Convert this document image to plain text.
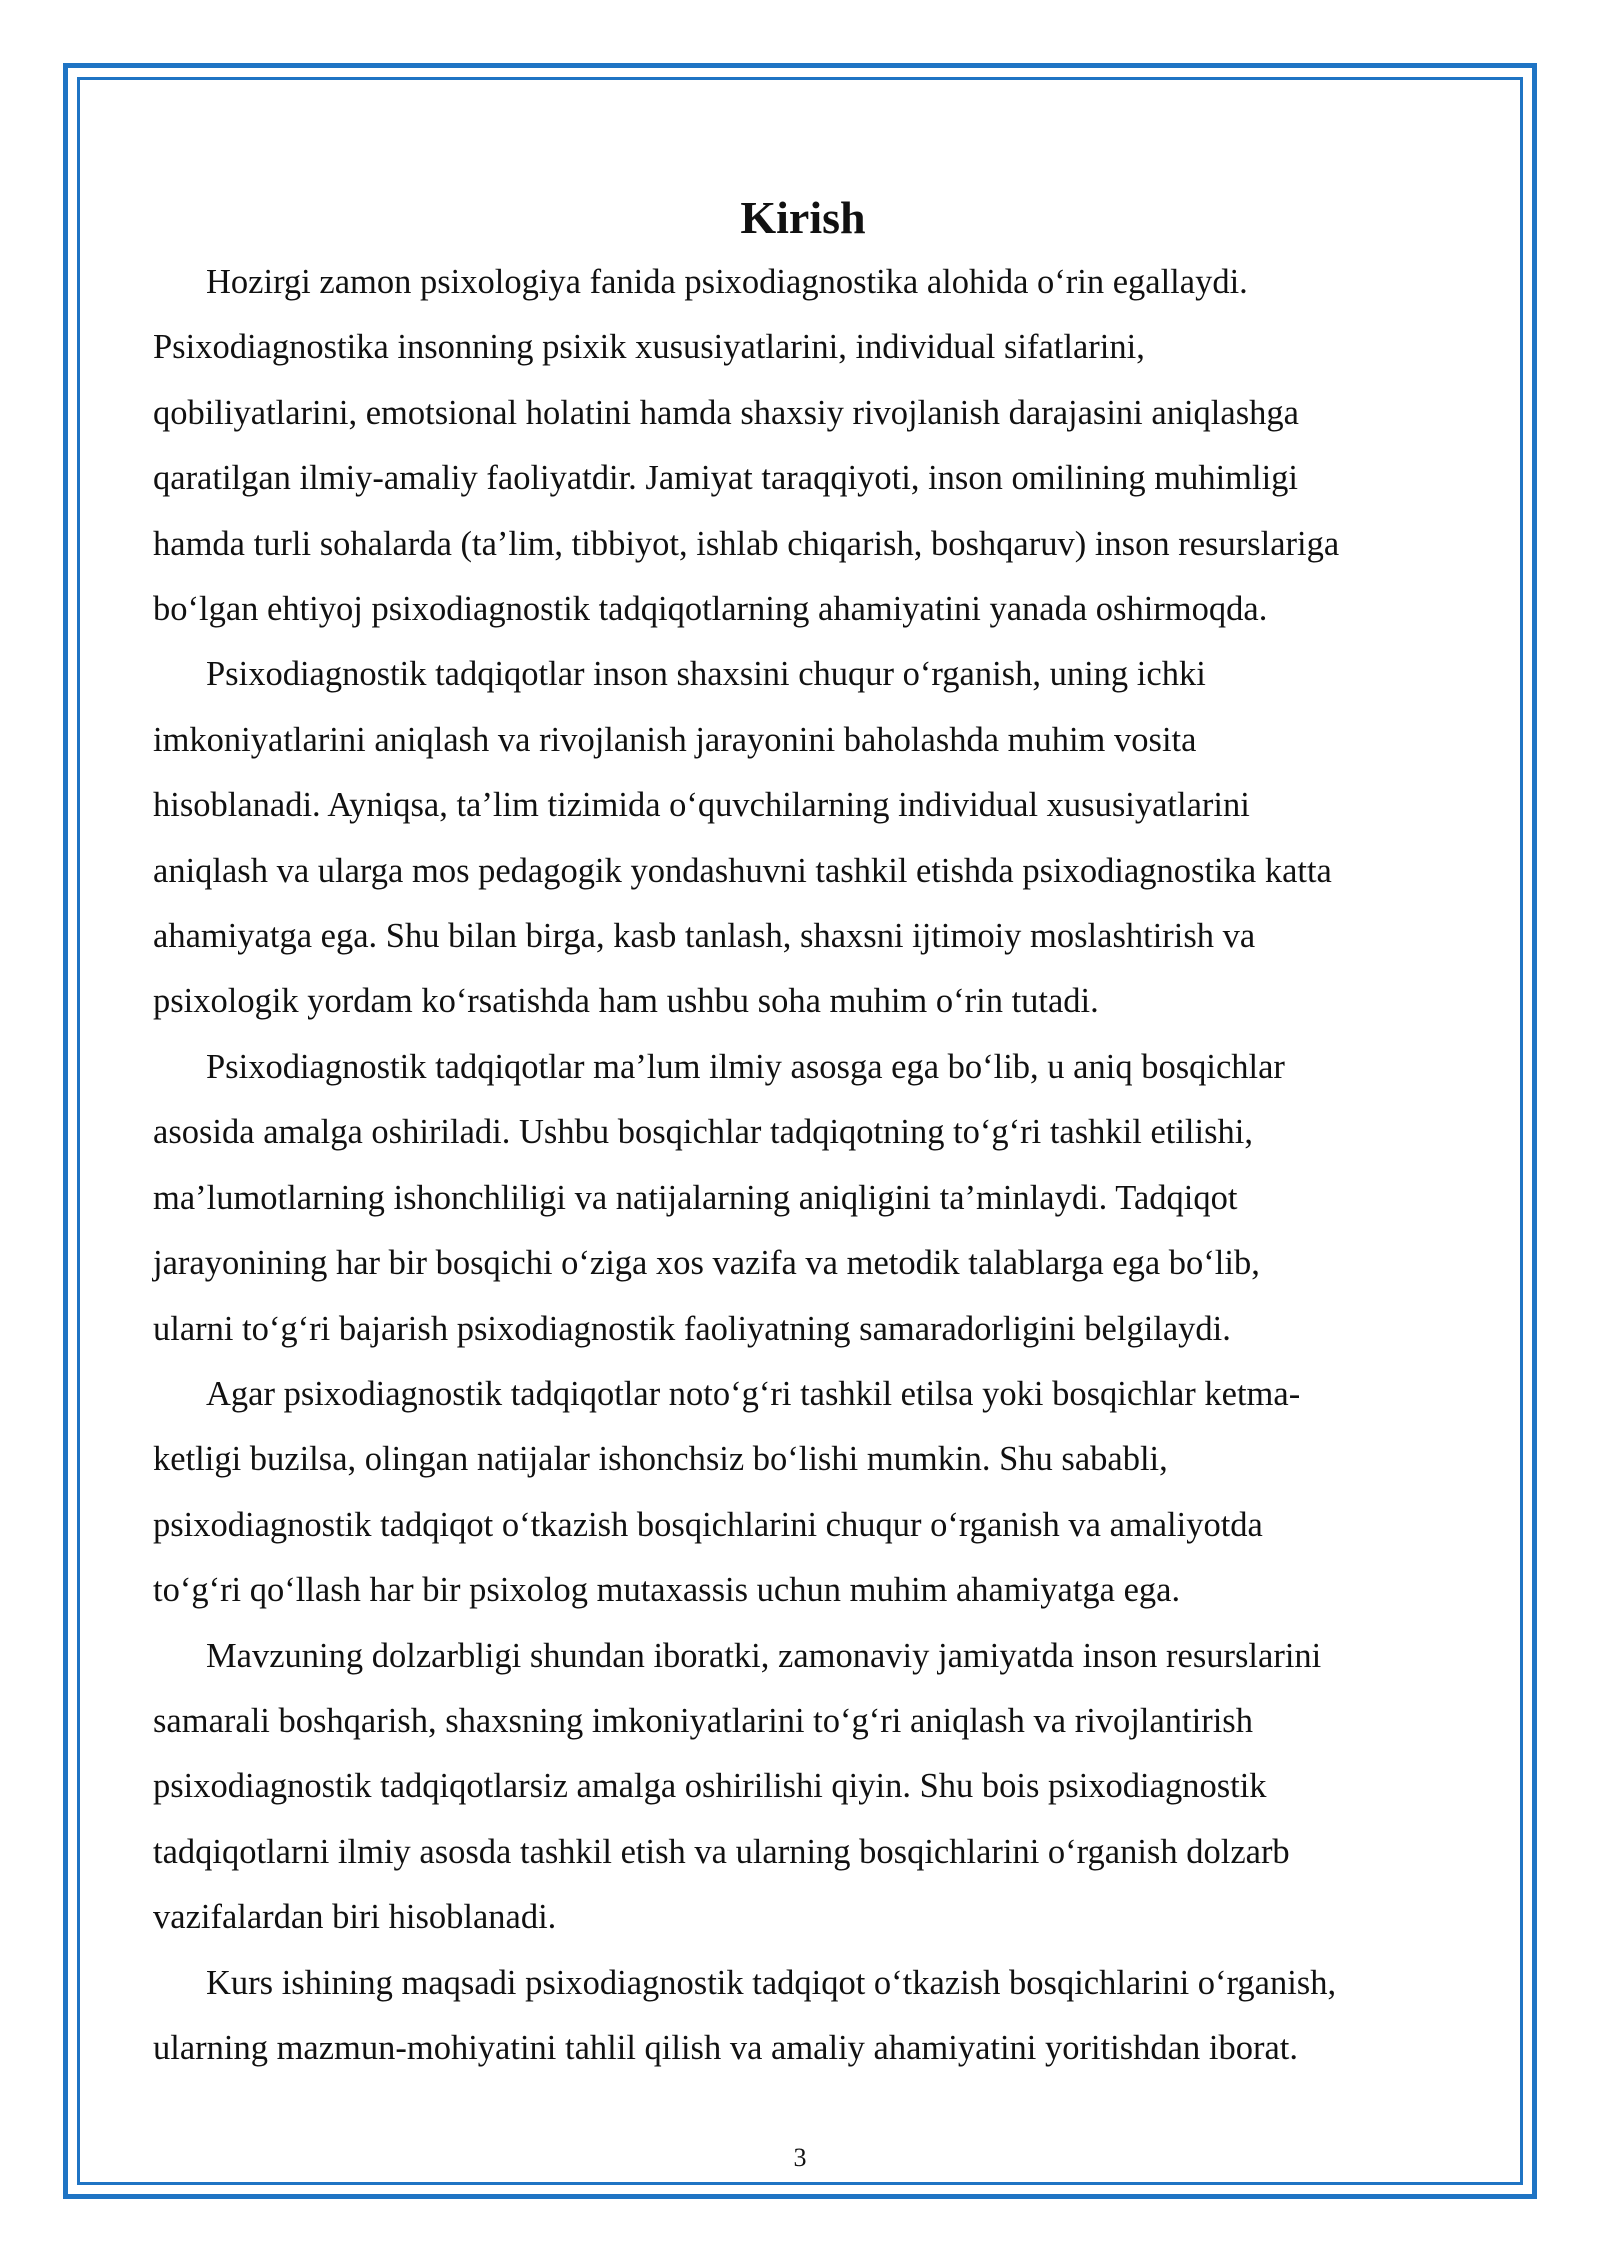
Kirish

Hozirgi zamon psixologiya fanida psixodiagnostika alohida o‘rin egallaydi.
Psixodiagnostika insonning psixik xususiyatlarini, individual sifatlarini,
qobiliyatlarini, emotsional holatini hamda shaxsiy rivojlanish darajasini aniqlashga
qaratilgan ilmiy-amaliy faoliyatdir. Jamiyat taraqqiyoti, inson omilining muhimligi
hamda turli sohalarda (ta’lim, tibbiyot, ishlab chiqarish, boshqaruv) inson resurslariga
bo‘lgan ehtiyoj psixodiagnostik tadqiqotlarning ahamiyatini yanada oshirmoqda.

Psixodiagnostik tadqiqotlar inson shaxsini chuqur o‘rganish, uning ichki
imkoniyatlarini aniqlash va rivojlanish jarayonini baholashda muhim vosita
hisoblanadi. Ayniqsa, ta’lim tizimida o‘quvchilarning individual xususiyatlarini
aniqlash va ularga mos pedagogik yondashuvni tashkil etishda psixodiagnostika katta
ahamiyatga ega. Shu bilan birga, kasb tanlash, shaxsni ijtimoiy moslashtirish va
psixologik yordam ko‘rsatishda ham ushbu soha muhim o‘rin tutadi.

Psixodiagnostik tadqiqotlar ma’lum ilmiy asosga ega bo‘lib, u aniq bosqichlar
asosida amalga oshiriladi. Ushbu bosqichlar tadqiqotning to‘g‘ri tashkil etilishi,
ma’lumotlarning ishonchliligi va natijalarning aniqligini ta’minlaydi. Tadqiqot
jarayonining har bir bosqichi o‘ziga xos vazifa va metodik talablarga ega bo‘lib,
ularni to‘g‘ri bajarish psixodiagnostik faoliyatning samaradorligini belgilaydi.

Agar psixodiagnostik tadqiqotlar noto‘g‘ri tashkil etilsa yoki bosqichlar ketma-
ketligi buzilsa, olingan natijalar ishonchsiz bo‘lishi mumkin. Shu sababli,
psixodiagnostik tadqiqot o‘tkazish bosqichlarini chuqur o‘rganish va amaliyotda
to‘g‘ri qo‘llash har bir psixolog mutaxassis uchun muhim ahamiyatga ega.

Mavzuning dolzarbligi shundan iboratki, zamonaviy jamiyatda inson resurslarini
samarali boshqarish, shaxsning imkoniyatlarini to‘g‘ri aniqlash va rivojlantirish
psixodiagnostik tadqiqotlarsiz amalga oshirilishi qiyin. Shu bois psixodiagnostik
tadqiqotlarni ilmiy asosda tashkil etish va ularning bosqichlarini o‘rganish dolzarb
vazifalardan biri hisoblanadi.

Kurs ishining maqsadi psixodiagnostik tadqiqot o‘tkazish bosqichlarini o‘rganish,
ularning mazmun-mohiyatini tahlil qilish va amaliy ahamiyatini yoritishdan iborat.

3
